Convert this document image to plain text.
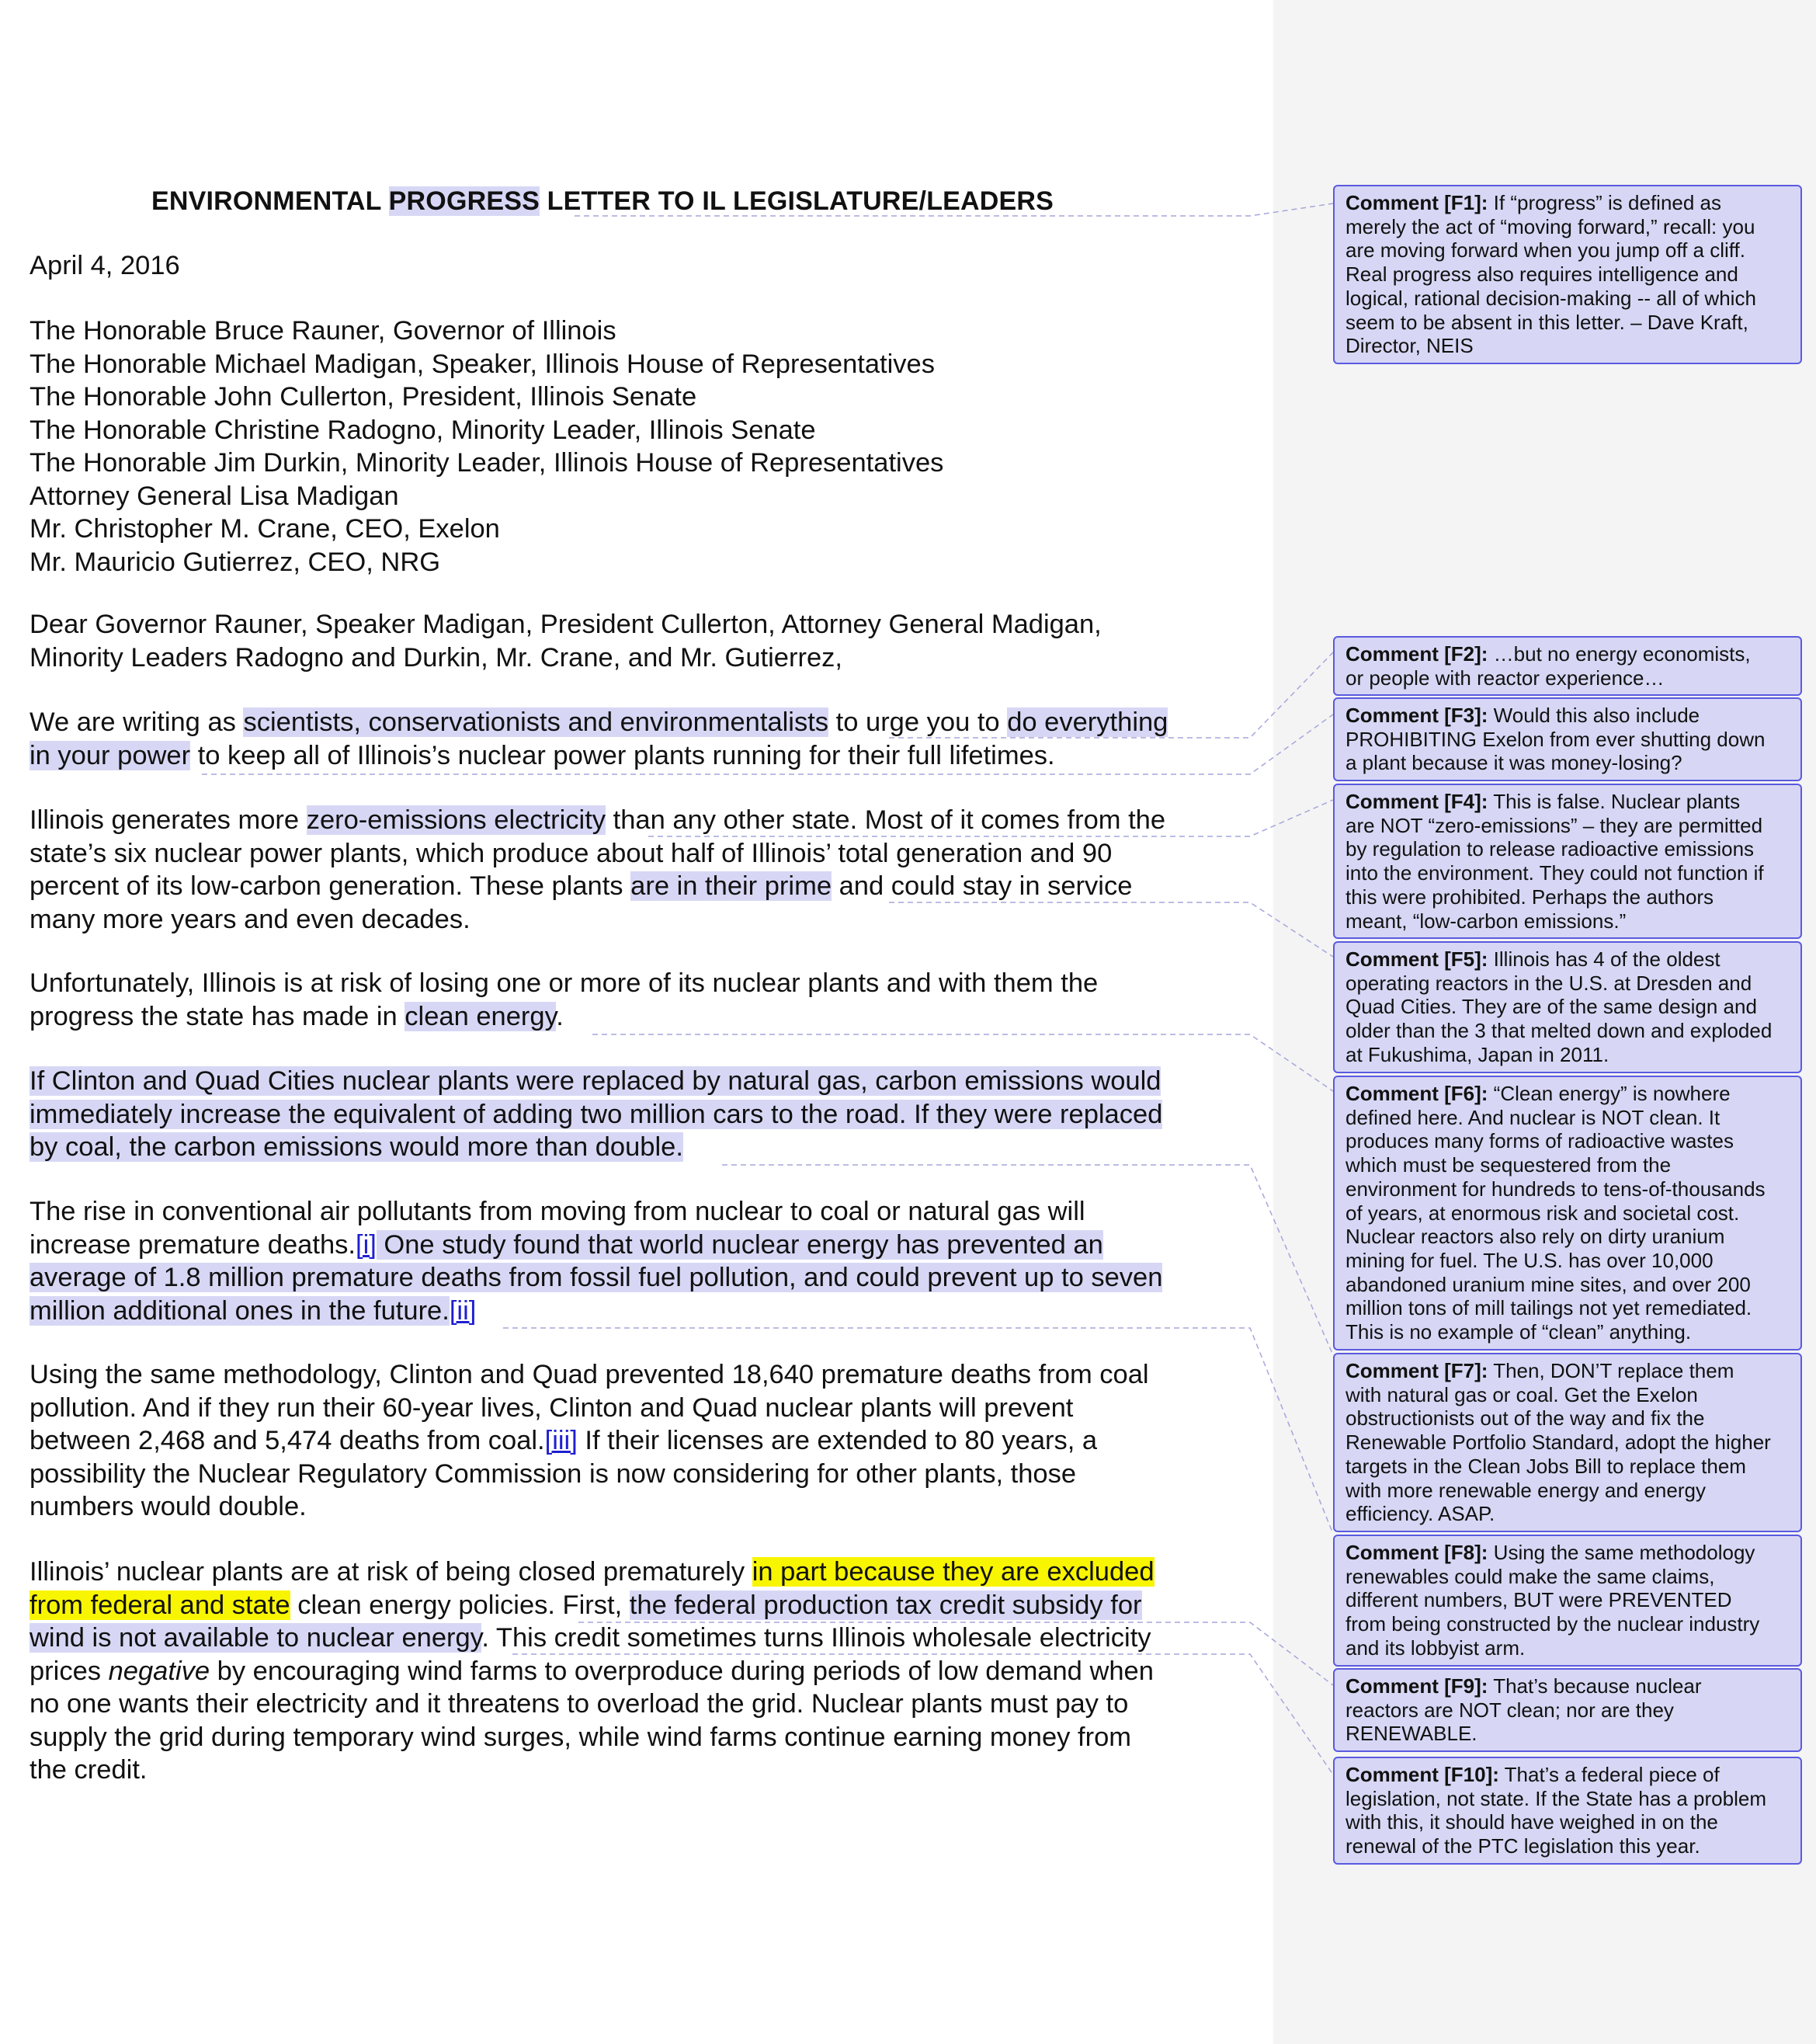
ENVIRONMENTAL PROGRESS LETTER TO IL LEGISLATURE/LEADERS
April 4, 2016
The Honorable Bruce Rauner, Governor of Illinois
The Honorable Michael Madigan, Speaker, Illinois House of Representatives
The Honorable John Cullerton, President, Illinois Senate
The Honorable Christine Radogno, Minority Leader, Illinois Senate
The Honorable Jim Durkin, Minority Leader, Illinois House of Representatives
Attorney General Lisa Madigan
Mr. Christopher M. Crane, CEO, Exelon
Mr. Mauricio Gutierrez, CEO, NRG
Dear Governor Rauner, Speaker Madigan, President Cullerton, Attorney General Madigan,
Minority Leaders Radogno and Durkin, Mr. Crane, and Mr. Gutierrez,
We are writing as scientists, conservationists and environmentalists to urge you to do everything
in your power to keep all of Illinois’s nuclear power plants running for their full lifetimes.
Illinois generates more zero-emissions electricity than any other state. Most of it comes from the
state’s six nuclear power plants, which produce about half of Illinois’ total generation and 90
percent of its low-carbon generation. These plants are in their prime and could stay in service
many more years and even decades.
Unfortunately, Illinois is at risk of losing one or more of its nuclear plants and with them the
progress the state has made in clean energy.
If Clinton and Quad Cities nuclear plants were replaced by natural gas, carbon emissions would
immediately increase the equivalent of adding two million cars to the road. If they were replaced
by coal, the carbon emissions would more than double.
The rise in conventional air pollutants from moving from nuclear to coal or natural gas will
increase premature deaths.[i] One study found that world nuclear energy has prevented an
average of 1.8 million premature deaths from fossil fuel pollution, and could prevent up to seven
million additional ones in the future.[ii]
Using the same methodology, Clinton and Quad prevented 18,640 premature deaths from coal
pollution. And if they run their 60-year lives, Clinton and Quad nuclear plants will prevent
between 2,468 and 5,474 deaths from coal.[iii] If their licenses are extended to 80 years, a
possibility the Nuclear Regulatory Commission is now considering for other plants, those
numbers would double.
Illinois’ nuclear plants are at risk of being closed prematurely in part because they are excluded
from federal and state clean energy policies. First, the federal production tax credit subsidy for
wind is not available to nuclear energy. This credit sometimes turns Illinois wholesale electricity
prices negative by encouraging wind farms to overproduce during periods of low demand when
no one wants their electricity and it threatens to overload the grid. Nuclear plants must pay to
supply the grid during temporary wind surges, while wind farms continue earning money from
the credit.
Comment [F1]: If “progress” is defined as
merely the act of “moving forward,” recall: you
are moving forward when you jump off a cliff.
Real progress also requires intelligence and
logical, rational decision-making -- all of which
seem to be absent in this letter. – Dave Kraft,
Director, NEIS
Comment [F2]: …but no energy economists,
or people with reactor experience…
Comment [F3]: Would this also include
PROHIBITING Exelon from ever shutting down
a plant because it was money-losing?
Comment [F4]: This is false. Nuclear plants
are NOT “zero-emissions” – they are permitted
by regulation to release radioactive emissions
into the environment. They could not function if
this were prohibited. Perhaps the authors
meant, “low-carbon emissions.”
Comment [F5]: Illinois has 4 of the oldest
operating reactors in the U.S. at Dresden and
Quad Cities. They are of the same design and
older than the 3 that melted down and exploded
at Fukushima, Japan in 2011.
Comment [F6]: “Clean energy” is nowhere
defined here. And nuclear is NOT clean. It
produces many forms of radioactive wastes
which must be sequestered from the
environment for hundreds to tens-of-thousands
of years, at enormous risk and societal cost.
Nuclear reactors also rely on dirty uranium
mining for fuel. The U.S. has over 10,000
abandoned uranium mine sites, and over 200
million tons of mill tailings not yet remediated.
This is no example of “clean” anything.
Comment [F7]: Then, DON’T replace them
with natural gas or coal. Get the Exelon
obstructionists out of the way and fix the
Renewable Portfolio Standard, adopt the higher
targets in the Clean Jobs Bill to replace them
with more renewable energy and energy
efficiency. ASAP.
Comment [F8]: Using the same methodology
renewables could make the same claims,
different numbers, BUT were PREVENTED
from being constructed by the nuclear industry
and its lobbyist arm.
Comment [F9]: That’s because nuclear
reactors are NOT clean; nor are they
RENEWABLE.
Comment [F10]: That’s a federal piece of
legislation, not state. If the State has a problem
with this, it should have weighed in on the
renewal of the PTC legislation this year.
